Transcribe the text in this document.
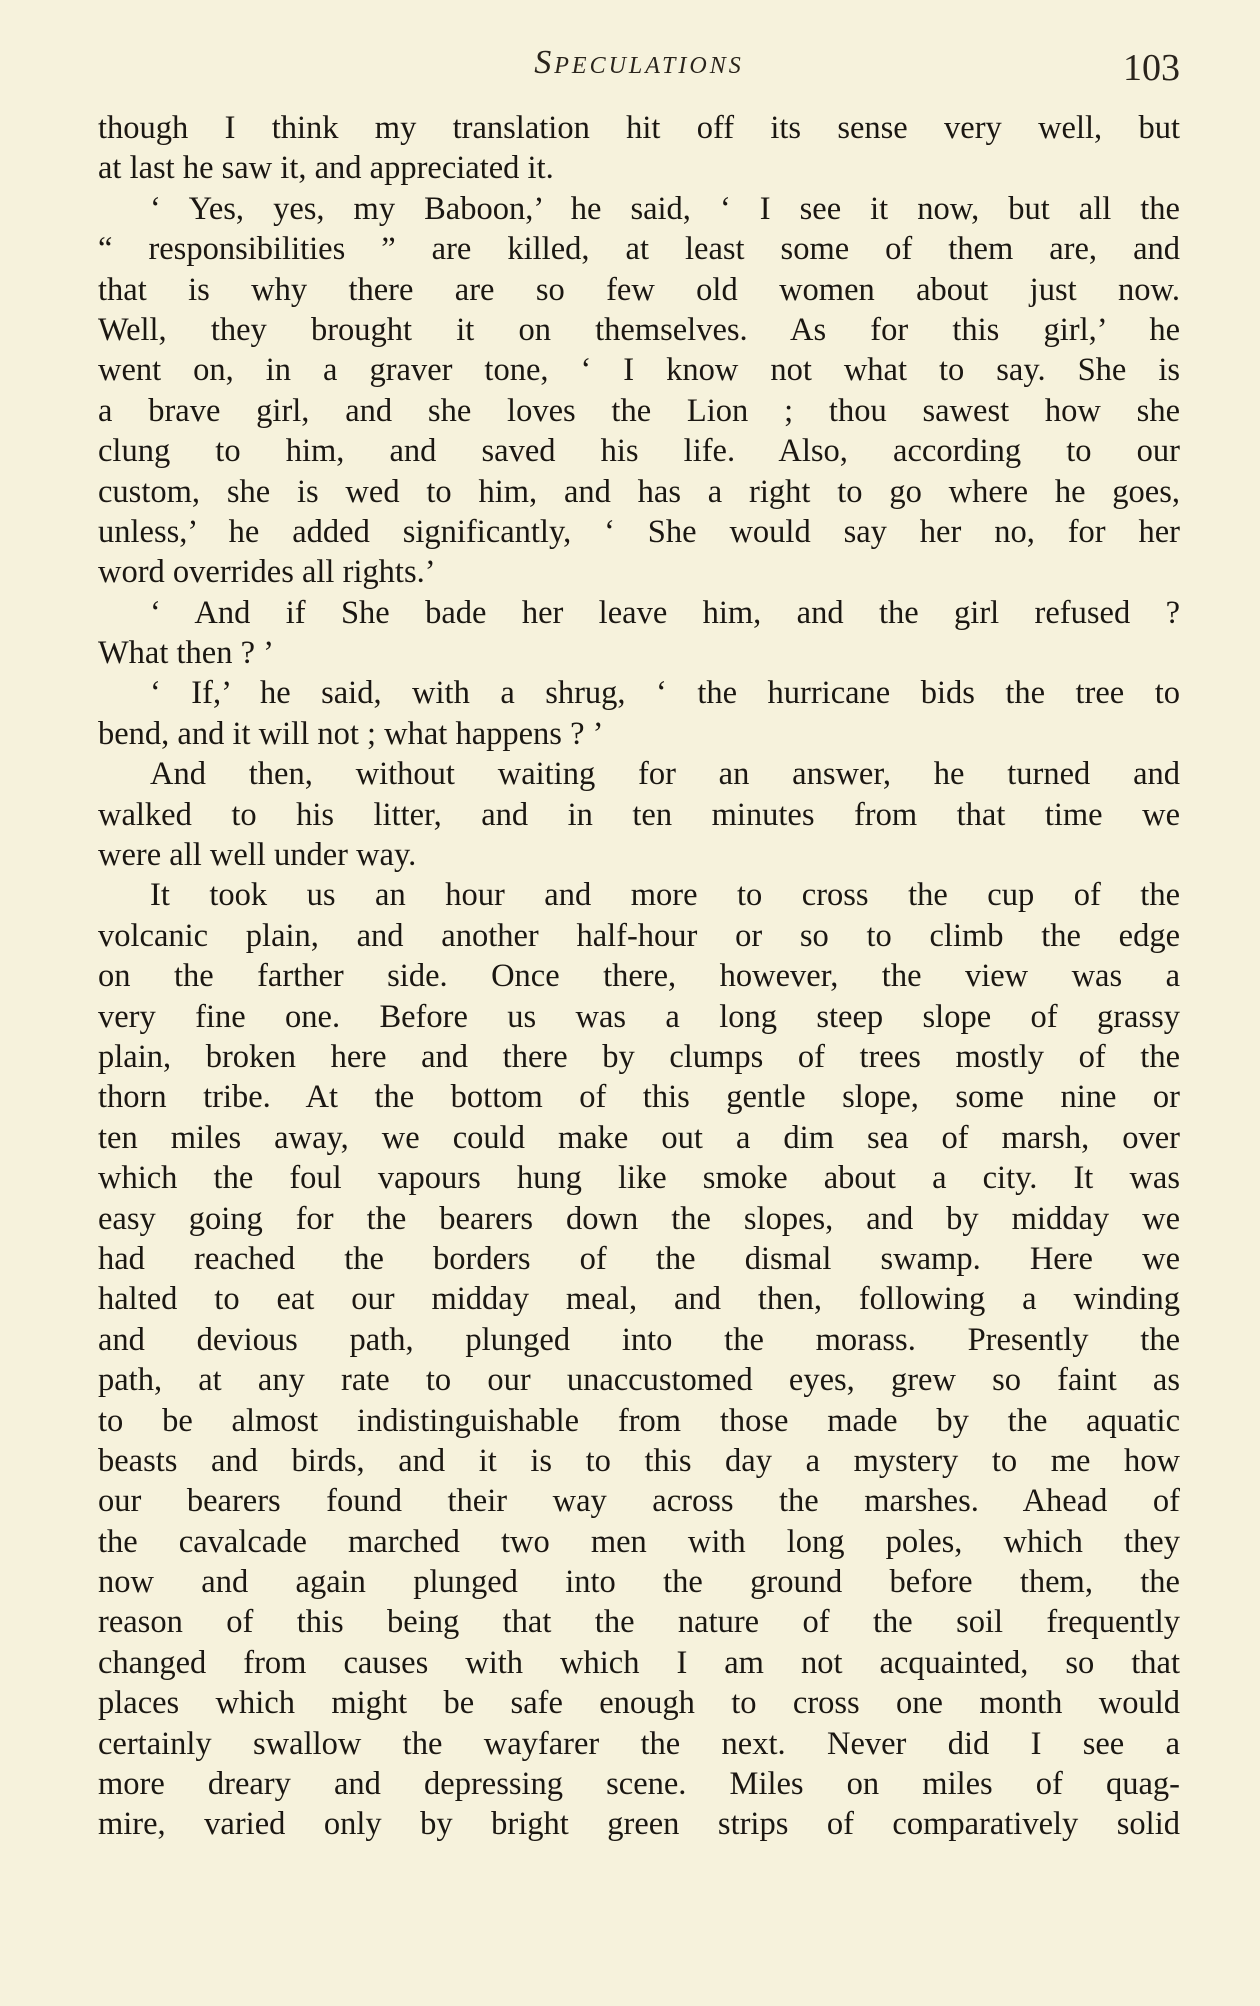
Speculations	103
though I think my translation hit off its sense very well, but
at last he saw it, and appreciated it.
‘ Yes, yes, my Baboon,’ he said, ‘ I see it now, but all the
“ responsibilities ” are killed, at least some of them are, and
that is why there are so few old women about just now.
Well, they brought it on themselves. As for this girl,’ he
went on, in a graver tone, ‘ I know not what to say. She is
a brave girl, and she loves the Lion ; thou sawest how she
clung to him, and saved his life. Also, according to our
custom, she is wed to him, and has a right to go where he goes,
unless,’ he added significantly, ‘ She would say her no, for her
word overrides all rights.’
‘ And if She bade her leave him, and the girl refused ?
What then ? ’
‘ If,’ he said, with a shrug, ‘ the hurricane bids the tree to
bend, and it will not ; what happens ? ’
And then, without waiting for an answer, he turned and
walked to his litter, and in ten minutes from that time we
were all well under way.
It took us an hour and more to cross the cup of the
volcanic plain, and another half-hour or so to climb the edge
on the farther side. Once there, however, the view was a
very fine one. Before us was a long steep slope of grassy
plain, broken here and there by clumps of trees mostly of the
thorn tribe. At the bottom of this gentle slope, some nine or
ten miles away, we could make out a dim sea of marsh, over
which the foul vapours hung like smoke about a city. It was
easy going for the bearers down the slopes, and by midday we
had reached the borders of the dismal swamp. Here we
halted to eat our midday meal, and then, following a winding
and devious path, plunged into the morass. Presently the
path, at any rate to our unaccustomed eyes, grew so faint as
to be almost indistinguishable from those made by the aquatic
beasts and birds, and it is to this day a mystery to me how
our bearers found their way across the marshes. Ahead of
the cavalcade marched two men with long poles, which they
now and again plunged into the ground before them, the
reason of this being that the nature of the soil frequently
changed from causes with which I am not acquainted, so that
places which might be safe enough to cross one month would
certainly swallow the wayfarer the next. Never did I see a
more dreary and depressing scene. Miles on miles of quag-
mire, varied only by bright green strips of comparatively solid
